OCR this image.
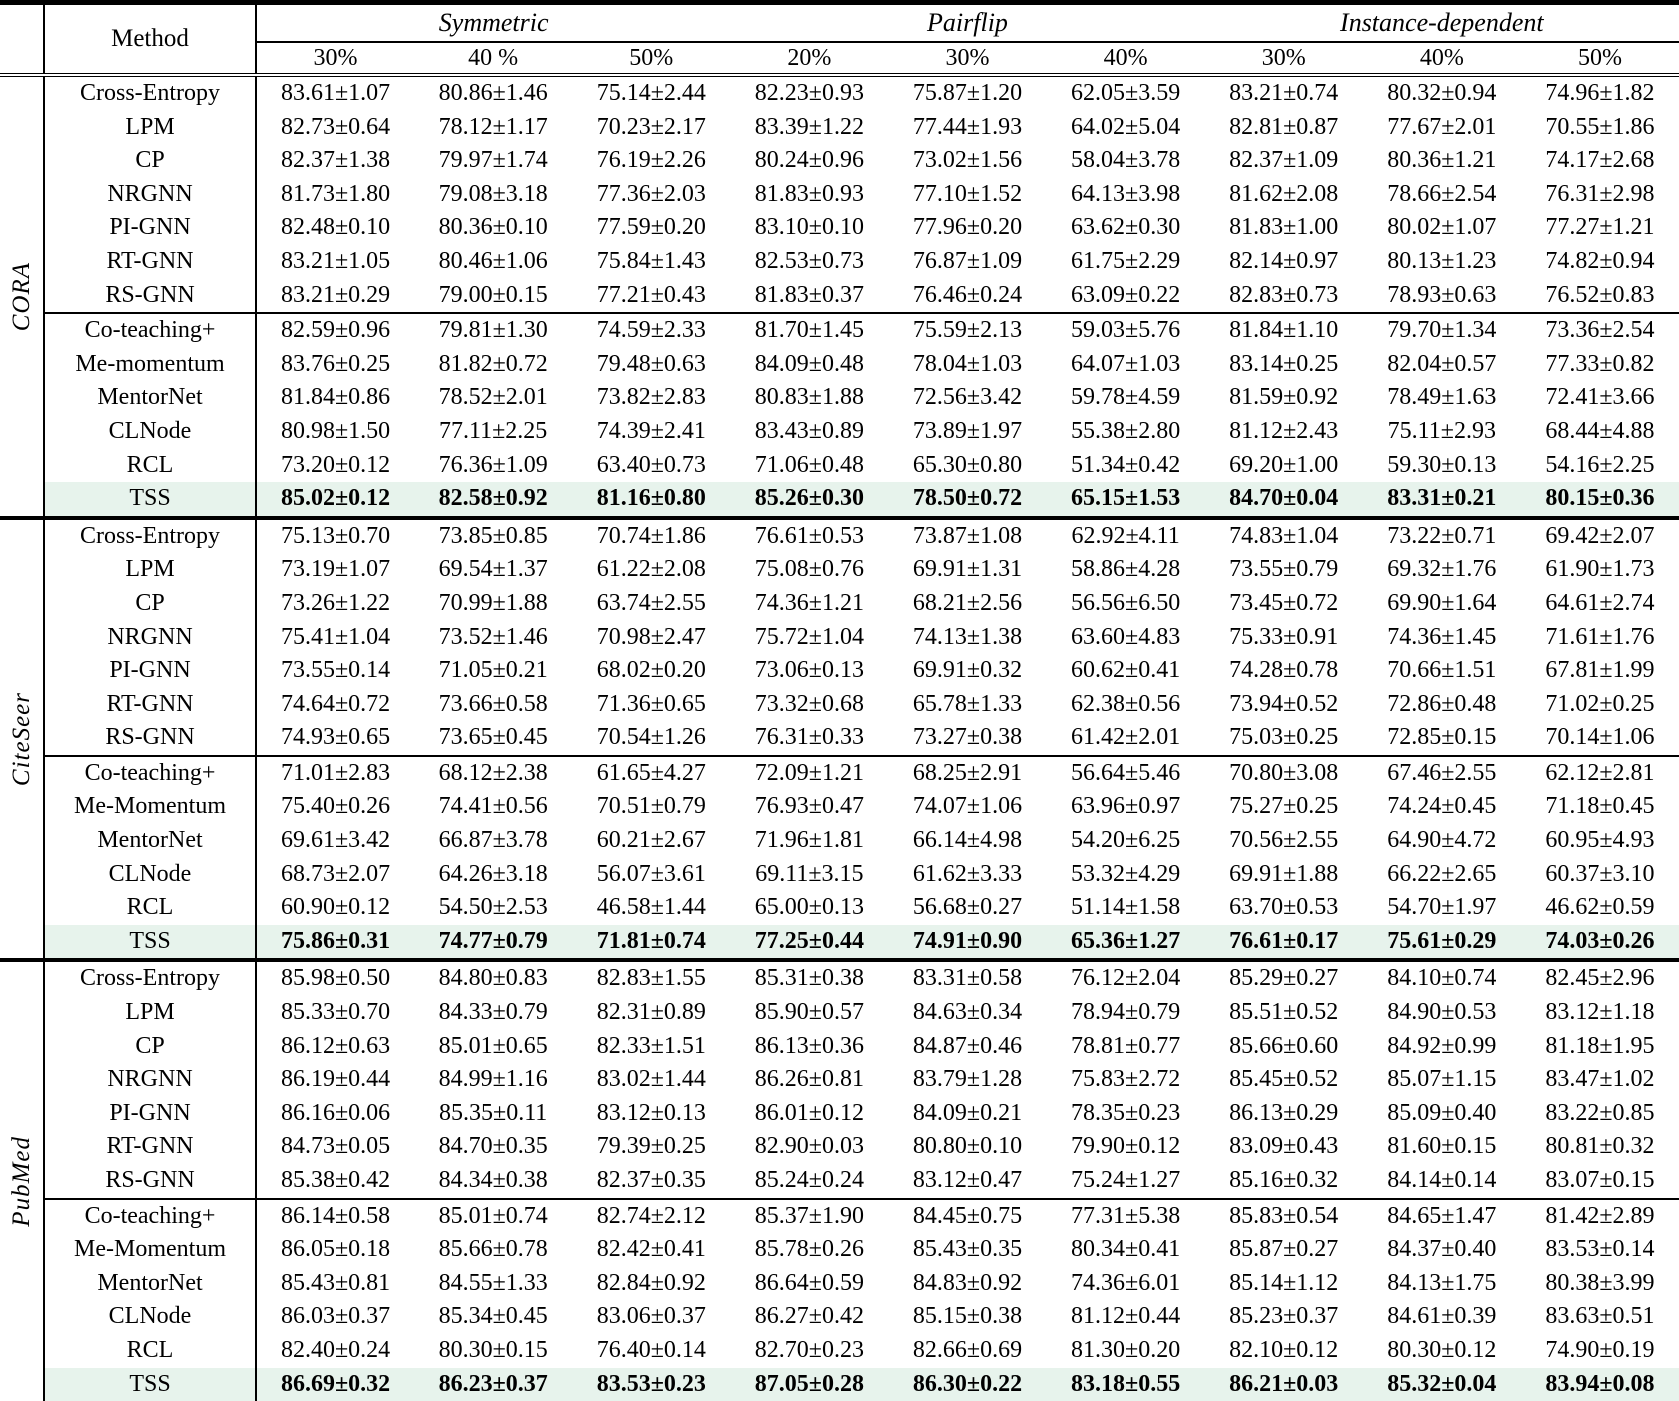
	Method	Symmetric			Pairflip			Instance-dependent		
		30%	40 %	50%	20%	30%	40%	30%	40%	50%

CORA	Cross-Entropy	83.61±1.07	80.86±1.46	75.14±2.44	82.23±0.93	75.87±1.20	62.05±3.59	83.21±0.74	80.32±0.94	74.96±1.82
	LPM	82.73±0.64	78.12±1.17	70.23±2.17	83.39±1.22	77.44±1.93	64.02±5.04	82.81±0.87	77.67±2.01	70.55±1.86
	CP	82.37±1.38	79.97±1.74	76.19±2.26	80.24±0.96	73.02±1.56	58.04±3.78	82.37±1.09	80.36±1.21	74.17±2.68
	NRGNN	81.73±1.80	79.08±3.18	77.36±2.03	81.83±0.93	77.10±1.52	64.13±3.98	81.62±2.08	78.66±2.54	76.31±2.98
	PI-GNN	82.48±0.10	80.36±0.10	77.59±0.20	83.10±0.10	77.96±0.20	63.62±0.30	81.83±1.00	80.02±1.07	77.27±1.21
	RT-GNN	83.21±1.05	80.46±1.06	75.84±1.43	82.53±0.73	76.87±1.09	61.75±2.29	82.14±0.97	80.13±1.23	74.82±0.94
	RS-GNN	83.21±0.29	79.00±0.15	77.21±0.43	81.83±0.37	76.46±0.24	63.09±0.22	82.83±0.73	78.93±0.63	76.52±0.83
	Co-teaching+	82.59±0.96	79.81±1.30	74.59±2.33	81.70±1.45	75.59±2.13	59.03±5.76	81.84±1.10	79.70±1.34	73.36±2.54
	Me-momentum	83.76±0.25	81.82±0.72	79.48±0.63	84.09±0.48	78.04±1.03	64.07±1.03	83.14±0.25	82.04±0.57	77.33±0.82
	MentorNet	81.84±0.86	78.52±2.01	73.82±2.83	80.83±1.88	72.56±3.42	59.78±4.59	81.59±0.92	78.49±1.63	72.41±3.66
	CLNode	80.98±1.50	77.11±2.25	74.39±2.41	83.43±0.89	73.89±1.97	55.38±2.80	81.12±2.43	75.11±2.93	68.44±4.88
	RCL	73.20±0.12	76.36±1.09	63.40±0.73	71.06±0.48	65.30±0.80	51.34±0.42	69.20±1.00	59.30±0.13	54.16±2.25
	TSS	85.02±0.12	82.58±0.92	81.16±0.80	85.26±0.30	78.50±0.72	65.15±1.53	84.70±0.04	83.31±0.21	80.15±0.36

CiteSeer	Cross-Entropy	75.13±0.70	73.85±0.85	70.74±1.86	76.61±0.53	73.87±1.08	62.92±4.11	74.83±1.04	73.22±0.71	69.42±2.07
	LPM	73.19±1.07	69.54±1.37	61.22±2.08	75.08±0.76	69.91±1.31	58.86±4.28	73.55±0.79	69.32±1.76	61.90±1.73
	CP	73.26±1.22	70.99±1.88	63.74±2.55	74.36±1.21	68.21±2.56	56.56±6.50	73.45±0.72	69.90±1.64	64.61±2.74
	NRGNN	75.41±1.04	73.52±1.46	70.98±2.47	75.72±1.04	74.13±1.38	63.60±4.83	75.33±0.91	74.36±1.45	71.61±1.76
	PI-GNN	73.55±0.14	71.05±0.21	68.02±0.20	73.06±0.13	69.91±0.32	60.62±0.41	74.28±0.78	70.66±1.51	67.81±1.99
	RT-GNN	74.64±0.72	73.66±0.58	71.36±0.65	73.32±0.68	65.78±1.33	62.38±0.56	73.94±0.52	72.86±0.48	71.02±0.25
	RS-GNN	74.93±0.65	73.65±0.45	70.54±1.26	76.31±0.33	73.27±0.38	61.42±2.01	75.03±0.25	72.85±0.15	70.14±1.06
	Co-teaching+	71.01±2.83	68.12±2.38	61.65±4.27	72.09±1.21	68.25±2.91	56.64±5.46	70.80±3.08	67.46±2.55	62.12±2.81
	Me-Momentum	75.40±0.26	74.41±0.56	70.51±0.79	76.93±0.47	74.07±1.06	63.96±0.97	75.27±0.25	74.24±0.45	71.18±0.45
	MentorNet	69.61±3.42	66.87±3.78	60.21±2.67	71.96±1.81	66.14±4.98	54.20±6.25	70.56±2.55	64.90±4.72	60.95±4.93
	CLNode	68.73±2.07	64.26±3.18	56.07±3.61	69.11±3.15	61.62±3.33	53.32±4.29	69.91±1.88	66.22±2.65	60.37±3.10
	RCL	60.90±0.12	54.50±2.53	46.58±1.44	65.00±0.13	56.68±0.27	51.14±1.58	63.70±0.53	54.70±1.97	46.62±0.59
	TSS	75.86±0.31	74.77±0.79	71.81±0.74	77.25±0.44	74.91±0.90	65.36±1.27	76.61±0.17	75.61±0.29	74.03±0.26

PubMed	Cross-Entropy	85.98±0.50	84.80±0.83	82.83±1.55	85.31±0.38	83.31±0.58	76.12±2.04	85.29±0.27	84.10±0.74	82.45±2.96
	LPM	85.33±0.70	84.33±0.79	82.31±0.89	85.90±0.57	84.63±0.34	78.94±0.79	85.51±0.52	84.90±0.53	83.12±1.18
	CP	86.12±0.63	85.01±0.65	82.33±1.51	86.13±0.36	84.87±0.46	78.81±0.77	85.66±0.60	84.92±0.99	81.18±1.95
	NRGNN	86.19±0.44	84.99±1.16	83.02±1.44	86.26±0.81	83.79±1.28	75.83±2.72	85.45±0.52	85.07±1.15	83.47±1.02
	PI-GNN	86.16±0.06	85.35±0.11	83.12±0.13	86.01±0.12	84.09±0.21	78.35±0.23	86.13±0.29	85.09±0.40	83.22±0.85
	RT-GNN	84.73±0.05	84.70±0.35	79.39±0.25	82.90±0.03	80.80±0.10	79.90±0.12	83.09±0.43	81.60±0.15	80.81±0.32
	RS-GNN	85.38±0.42	84.34±0.38	82.37±0.35	85.24±0.24	83.12±0.47	75.24±1.27	85.16±0.32	84.14±0.14	83.07±0.15
	Co-teaching+	86.14±0.58	85.01±0.74	82.74±2.12	85.37±1.90	84.45±0.75	77.31±5.38	85.83±0.54	84.65±1.47	81.42±2.89
	Me-Momentum	86.05±0.18	85.66±0.78	82.42±0.41	85.78±0.26	85.43±0.35	80.34±0.41	85.87±0.27	84.37±0.40	83.53±0.14
	MentorNet	85.43±0.81	84.55±1.33	82.84±0.92	86.64±0.59	84.83±0.92	74.36±6.01	85.14±1.12	84.13±1.75	80.38±3.99
	CLNode	86.03±0.37	85.34±0.45	83.06±0.37	86.27±0.42	85.15±0.38	81.12±0.44	85.23±0.37	84.61±0.39	83.63±0.51
	RCL	82.40±0.24	80.30±0.15	76.40±0.14	82.70±0.23	82.66±0.69	81.30±0.20	82.10±0.12	80.30±0.12	74.90±0.19
	TSS	86.69±0.32	86.23±0.37	83.53±0.23	87.05±0.28	86.30±0.22	83.18±0.55	86.21±0.03	85.32±0.04	83.94±0.08
